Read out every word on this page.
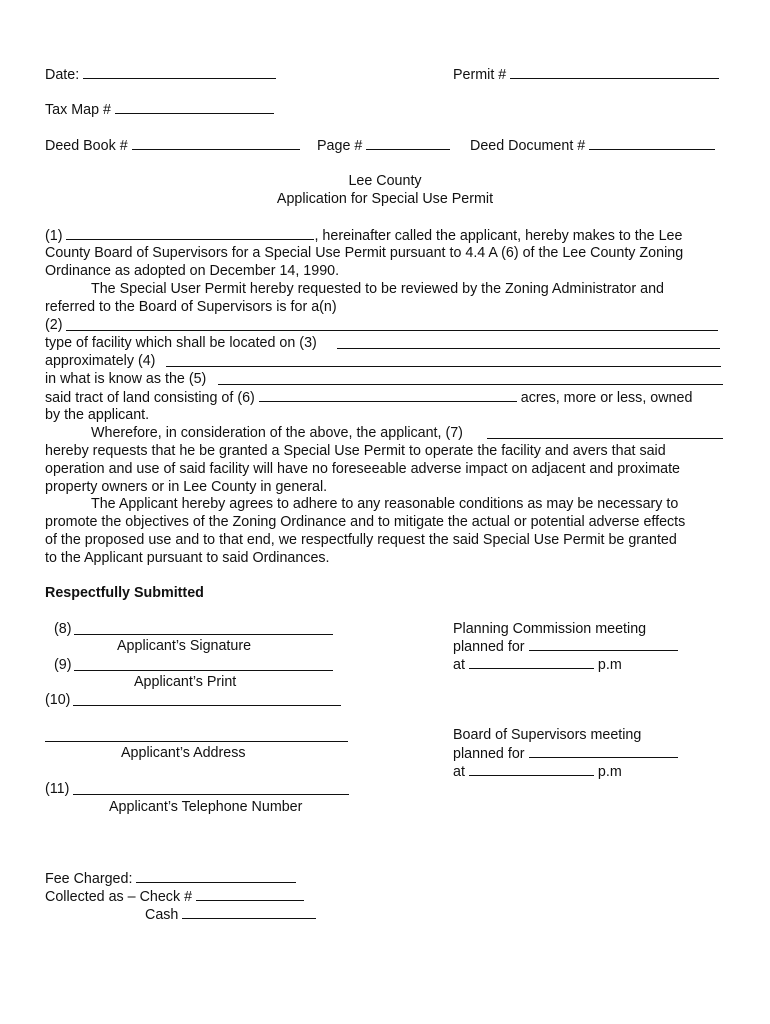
Date:	Permit #
Tax Map #
Deed Book #	Page #	Deed Document #
Lee County
Application for Special Use Permit
(1)	, hereinafter called the applicant, hereby makes to the Lee
County Board of Supervisors for a Special Use Permit pursuant to 4.4 A (6) of the Lee County Zoning
Ordinance as adopted on December 14, 1990.
The Special User Permit hereby requested to be reviewed by the Zoning Administrator and
referred to the Board of Supervisors is for a(n)
(2)
type of facility which shall be located on (3)
approximately (4)
in what is know as the (5)
said tract of land consisting of (6)	acres, more or less, owned
by the applicant.
Wherefore, in consideration of the above, the applicant, (7)
hereby requests that he be granted a Special Use Permit to operate the facility and avers that said
operation and use of said facility will have no foreseeable adverse impact on adjacent and proximate
property owners or in Lee County in general.
The Applicant hereby agrees to adhere to any reasonable conditions as may be necessary to
promote the objectives of the Zoning Ordinance and to mitigate the actual or potential adverse effects
of the proposed use and to that end, we respectfully request the said Special Use Permit be granted
to the Applicant pursuant to said Ordinances.
Respectfully Submitted
(8)
Applicant’s Signature
(9)
Applicant’s Print
(10)
Applicant’s Address
(11)
Applicant’s Telephone Number
Planning Commission meeting
planned for
at	p.m
Board of Supervisors meeting
planned for
at	p.m
Fee Charged:
Collected as – Check #
Cash
